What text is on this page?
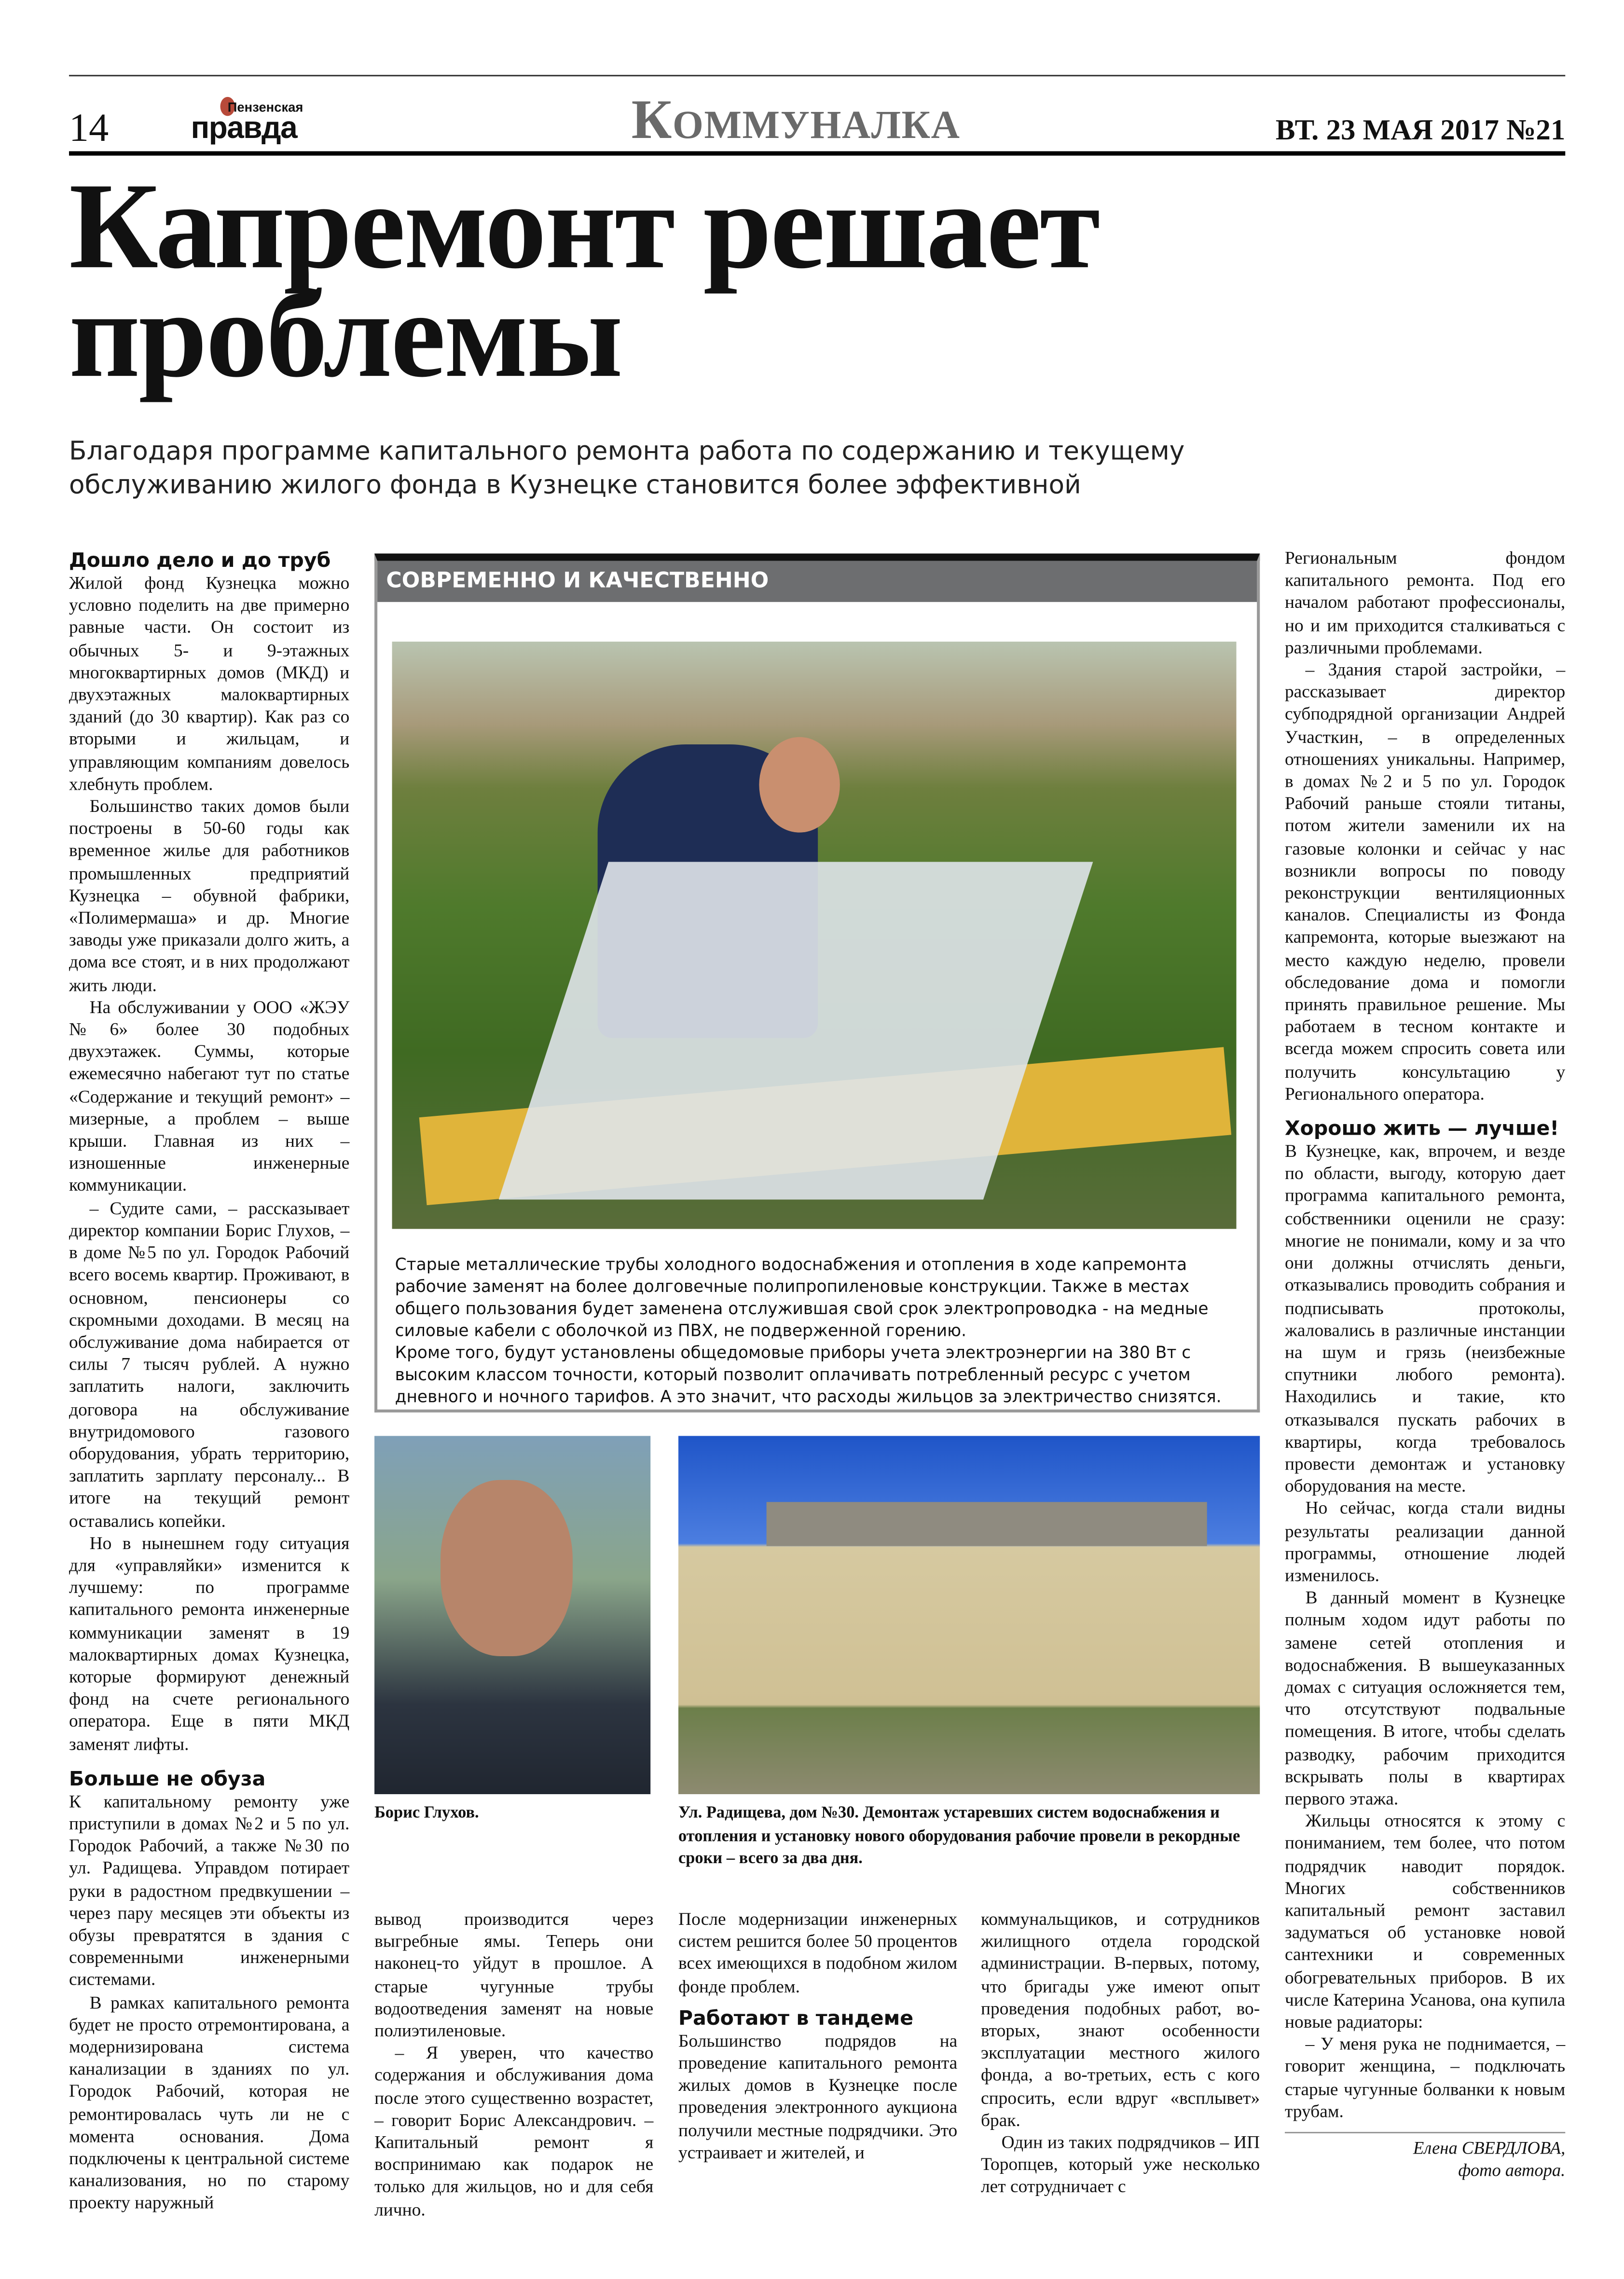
14	Пензенская
правда	Коммуналка	ВТ. 23 МАЯ 2017 №21
Капремонт решает
проблемы
Благодаря программе капитального ремонта работа по содержанию и текущему обслуживанию жилого фонда в Кузнецке становится более эффективной
Дошло дело и до труб

Жилой фонд Кузнецка можно условно поделить на две примерно равные части. Он состоит из обычных 5- и 9-этажных многоквартирных домов (МКД) и двухэтажных малоквартирных зданий (до 30 квартир). Как раз со вторыми и жильцам, и управляющим компаниям довелось хлебнуть проблем.

Большинство таких домов были построены в 50-60 годы как временное жилье для работников промышленных предприятий Кузнецка – обувной фабрики, «Полимермаша» и др. Многие заводы уже приказали долго жить, а дома все стоят, и в них продолжают жить люди.

На обслуживании у ООО «ЖЭУ №6» более 30 подобных двухэтажек. Суммы, которые ежемесячно набегают тут по статье «Содержание и текущий ремонт» – мизерные, а проблем – выше крыши. Главная из них – изношенные инженерные коммуникации.

– Судите сами, – рассказывает директор компании Борис Глухов, – в доме №5 по ул. Городок Рабочий всего восемь квартир. Проживают, в основном, пенсионеры со скромными доходами. В месяц на обслуживание дома набирается от силы 7 тысяч рублей. А нужно заплатить налоги, заключить договора на обслуживание внутридомового газового оборудования, убрать территорию, заплатить зарплату персоналу... В итоге на текущий ремонт оставались копейки.

Но в нынешнем году ситуация для «управляйки» изменится к лучшему: по программе капитального ремонта инженерные коммуникации заменят в 19 малоквартирных домах Кузнецка, которые формируют денежный фонд на счете регионального оператора. Еще в пяти МКД заменят лифты.

Больше не обуза

К капитальному ремонту уже приступили в домах №2 и 5 по ул. Городок Рабочий, а также №30 по ул. Радищева. Управдом потирает руки в радостном предвкушении – через пару месяцев эти объекты из обузы превратятся в здания с современными инженерными системами.

В рамках капитального ремонта будет не просто отремонтирована, а модернизирована система канализации в зданиях по ул. Городок Рабочий, которая не ремонтировалась чуть ли не с момента основания. Дома подключены к центральной системе канализования, но по старому проекту наружный

СОВРЕМЕННО И КАЧЕСТВЕННО

Старые металлические трубы холодного водоснабжения и отопления в ходе капремонта рабочие заменят на более долговечные полипропиленовые конструкции. Также в местах общего пользования будет заменена отслужившая свой срок электропроводка - на медные силовые кабели с оболочкой из ПВХ, не подверженной горению.

Кроме того, будут установлены общедомовые приборы учета электроэнергии на 380 Вт с высоким классом точности, который позволит оплачивать потребленный ресурс с учетом дневного и ночного тарифов. А это значит, что расходы жильцов за электричество снизятся.

Борис Глухов.	Ул. Радищева, дом №30. Демонтаж устаревших систем водоснабжения и отопления и установку нового оборудования рабочие провели в рекордные сроки – всего за два дня.

вывод производится через выгребные ямы. Теперь они наконец-то уйдут в прошлое. А старые чугунные трубы водоотведения заменят на новые полиэтиленовые.

– Я уверен, что качество содержания и обслуживания дома после этого существенно возрастет, – говорит Борис Александрович. – Капитальный ремонт я воспринимаю как подарок не только для жильцов, но и для себя лично.

После модернизации инженерных систем решится более 50 процентов всех имеющихся в подобном жилом фонде проблем.

Работают в тандеме

Большинство подрядов на проведение капитального ремонта жилых домов в Кузнецке после проведения электронного аукциона получили местные подрядчики. Это устраивает и жителей, и

коммунальщиков, и сотрудников жилищного отдела городской администрации. В-первых, потому, что бригады уже имеют опыт проведения подобных работ, во-вторых, знают особенности эксплуатации местного жилого фонда, а во-третьих, есть с кого спросить, если вдруг «всплывет» брак.

Один из таких подрядчиков – ИП Торопцев, который уже несколько лет сотрудничает с

Региональным фондом капитального ремонта. Под его началом работают профессионалы, но и им приходится сталкиваться с различными проблемами.

– Здания старой застройки, – рассказывает директор субподрядной организации Андрей Участкин, – в определенных отношениях уникальны. Например, в домах №2 и 5 по ул. Городок Рабочий раньше стояли титаны, потом жители заменили их на газовые колонки и сейчас у нас возникли вопросы по поводу реконструкции вентиляционных каналов. Специалисты из Фонда капремонта, которые выезжают на место каждую неделю, провели обследование дома и помогли принять правильное решение. Мы работаем в тесном контакте и всегда можем спросить совета или получить консультацию у Регионального оператора.

Хорошо жить — лучше!

В Кузнецке, как, впрочем, и везде по области, выгоду, которую дает программа капитального ремонта, собственники оценили не сразу: многие не понимали, кому и за что они должны отчислять деньги, отказывались проводить собрания и подписывать протоколы, жаловались в различные инстанции на шум и грязь (неизбежные спутники любого ремонта). Находились и такие, кто отказывался пускать рабочих в квартиры, когда требовалось провести демонтаж и установку оборудования на месте.

Но сейчас, когда стали видны результаты реализации данной программы, отношение людей изменилось.

В данный момент в Кузнецке полным ходом идут работы по замене сетей отопления и водоснабжения. В вышеуказанных домах с ситуация осложняется тем, что отсутствуют подвальные помещения. В итоге, чтобы сделать разводку, рабочим приходится вскрывать полы в квартирах первого этажа.

Жильцы относятся к этому с пониманием, тем более, что потом подрядчик наводит порядок. Многих собственников капитальный ремонт заставил задуматься об установке новой сантехники и современных обогревательных приборов. В их числе Катерина Усанова, она купила новые радиаторы:

– У меня рука не поднимается, – говорит женщина, – подключать старые чугунные болванки к новым трубам.

Елена СВЕРДЛОВА,
фото автора.
